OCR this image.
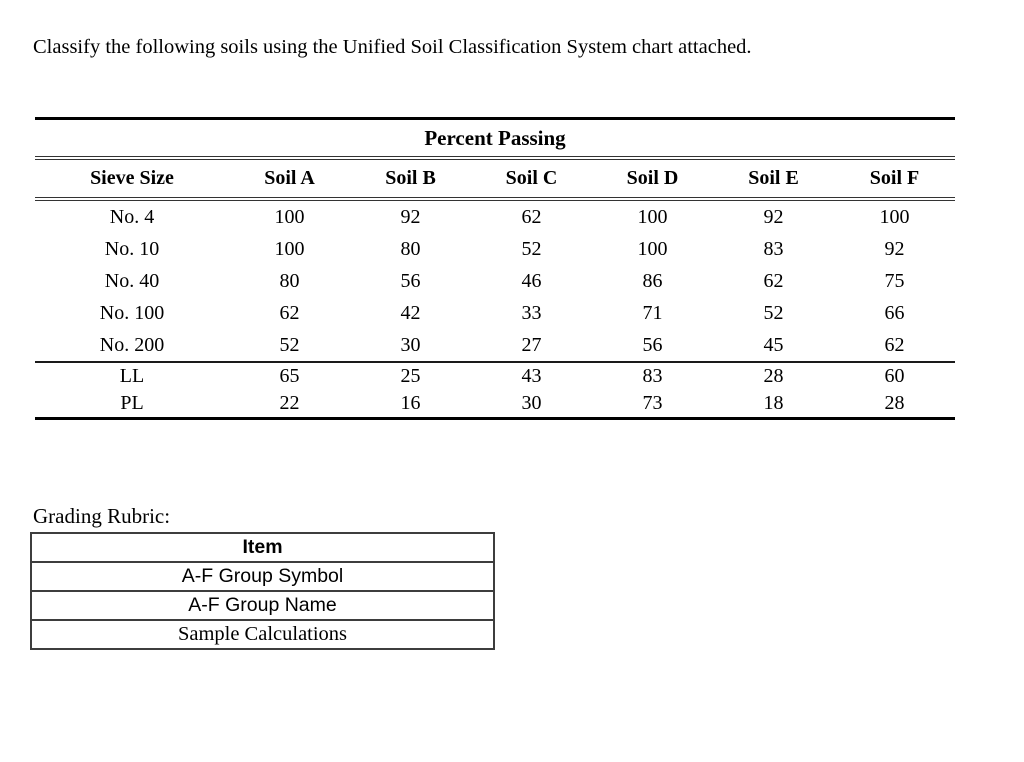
Classify the following soils using the Unified Soil Classification System chart attached.
Percent Passing						
Sieve Size	Soil A	Soil B	Soil C	Soil D	Soil E	Soil F
No. 4	100	92	62	100	92	100
No. 10	100	80	52	100	83	92
No. 40	80	56	46	86	62	75
No. 100	62	42	33	71	52	66
No. 200	52	30	27	56	45	62
LL	65	25	43	83	28	60
PL	22	16	30	73	18	28
Grading Rubric:
Item
A-F Group Symbol
A-F Group Name
Sample Calculations
